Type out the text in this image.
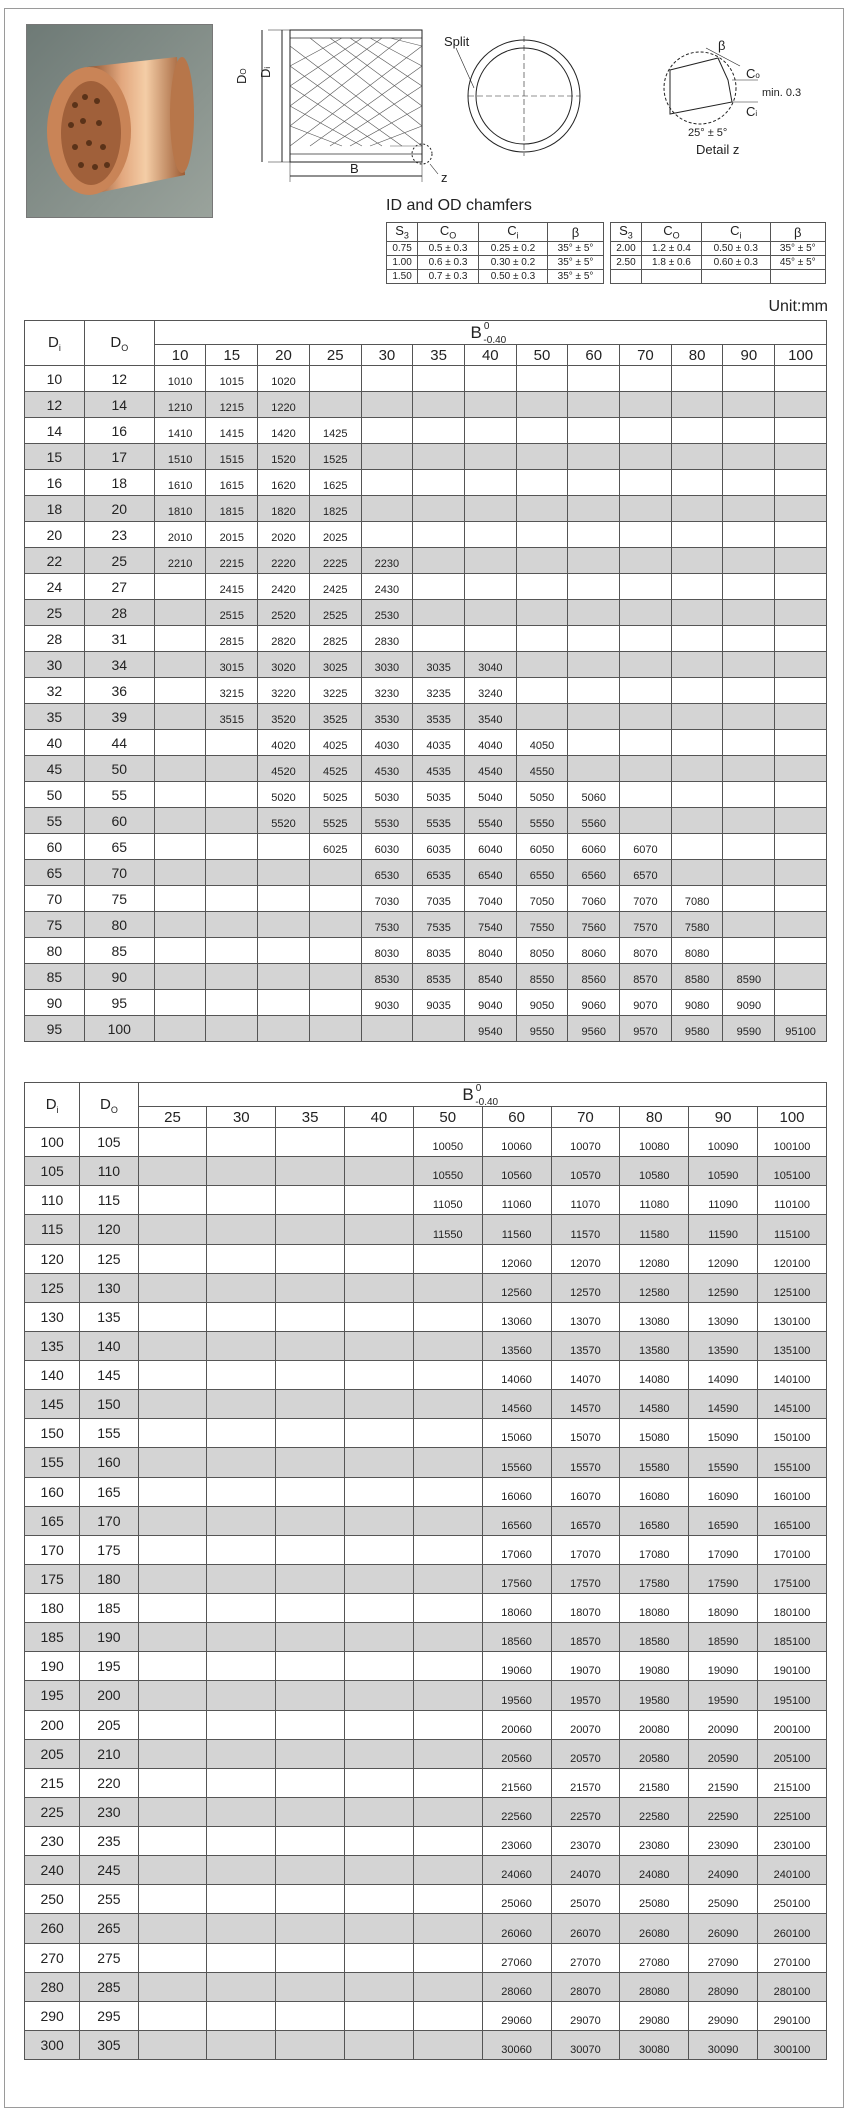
DO Di
B
z
Split	β
Co
Ci
min. 0.3
25° ± 5°
Detail z
ID and OD chamfers
$S_3$	$C_O$	$C_i$	β
0.75	0.5 ± 0.3	0.25 ± 0.2	35° ± 5°
1.00	0.6 ± 0.3	0.30 ± 0.2	35° ± 5°
1.50	0.7 ± 0.3	0.50 ± 0.3	35° ± 5°
$S_3$	$C_O$	$C_i$	β
2.00	1.2 ± 0.4	0.50 ± 0.3	35° ± 5°
2.50	1.8 ± 0.6	0.60 ± 0.3	45° ± 5°

Unit:mm
$D_i$	$D_O$	B $^0_{-0.40}$
		10	15	20	25	30	35	40	50	60	70	80	90	100
10	12	1010	1015	1020										
12	14	1210	1215	1220										
14	16	1410	1415	1420	1425									
15	17	1510	1515	1520	1525									
16	18	1610	1615	1620	1625									
18	20	1810	1815	1820	1825									
20	23	2010	2015	2020	2025									
22	25	2210	2215	2220	2225	2230								
24	27		2415	2420	2425	2430								
25	28		2515	2520	2525	2530								
28	31		2815	2820	2825	2830								
30	34		3015	3020	3025	3030	3035	3040						
32	36		3215	3220	3225	3230	3235	3240						
35	39		3515	3520	3525	3530	3535	3540						
40	44			4020	4025	4030	4035	4040	4050					
45	50			4520	4525	4530	4535	4540	4550					
50	55			5020	5025	5030	5035	5040	5050	5060				
55	60			5520	5525	5530	5535	5540	5550	5560				
60	65				6025	6030	6035	6040	6050	6060	6070			
65	70					6530	6535	6540	6550	6560	6570			
70	75					7030	7035	7040	7050	7060	7070	7080		
75	80					7530	7535	7540	7550	7560	7570	7580		
80	85					8030	8035	8040	8050	8060	8070	8080		
85	90					8530	8535	8540	8550	8560	8570	8580	8590	
90	95					9030	9035	9040	9050	9060	9070	9080	9090	
95	100							9540	9550	9560	9570	9580	9590	95100
$D_i$	$D_O$	B $^0_{-0.40}$
		25	30	35	40	50	60	70	80	90	100
100	105					10050	10060	10070	10080	10090	100100
105	110					10550	10560	10570	10580	10590	105100
110	115					11050	11060	11070	11080	11090	110100
115	120					11550	11560	11570	11580	11590	115100
120	125						12060	12070	12080	12090	120100
125	130						12560	12570	12580	12590	125100
130	135						13060	13070	13080	13090	130100
135	140						13560	13570	13580	13590	135100
140	145						14060	14070	14080	14090	140100
145	150						14560	14570	14580	14590	145100
150	155						15060	15070	15080	15090	150100
155	160						15560	15570	15580	15590	155100
160	165						16060	16070	16080	16090	160100
165	170						16560	16570	16580	16590	165100
170	175						17060	17070	17080	17090	170100
175	180						17560	17570	17580	17590	175100
180	185						18060	18070	18080	18090	180100
185	190						18560	18570	18580	18590	185100
190	195						19060	19070	19080	19090	190100
195	200						19560	19570	19580	19590	195100
200	205						20060	20070	20080	20090	200100
205	210						20560	20570	20580	20590	205100
215	220						21560	21570	21580	21590	215100
225	230						22560	22570	22580	22590	225100
230	235						23060	23070	23080	23090	230100
240	245						24060	24070	24080	24090	240100
250	255						25060	25070	25080	25090	250100
260	265						26060	26070	26080	26090	260100
270	275						27060	27070	27080	27090	270100
280	285						28060	28070	28080	28090	280100
290	295						29060	29070	29080	29090	290100
300	305						30060	30070	30080	30090	300100
